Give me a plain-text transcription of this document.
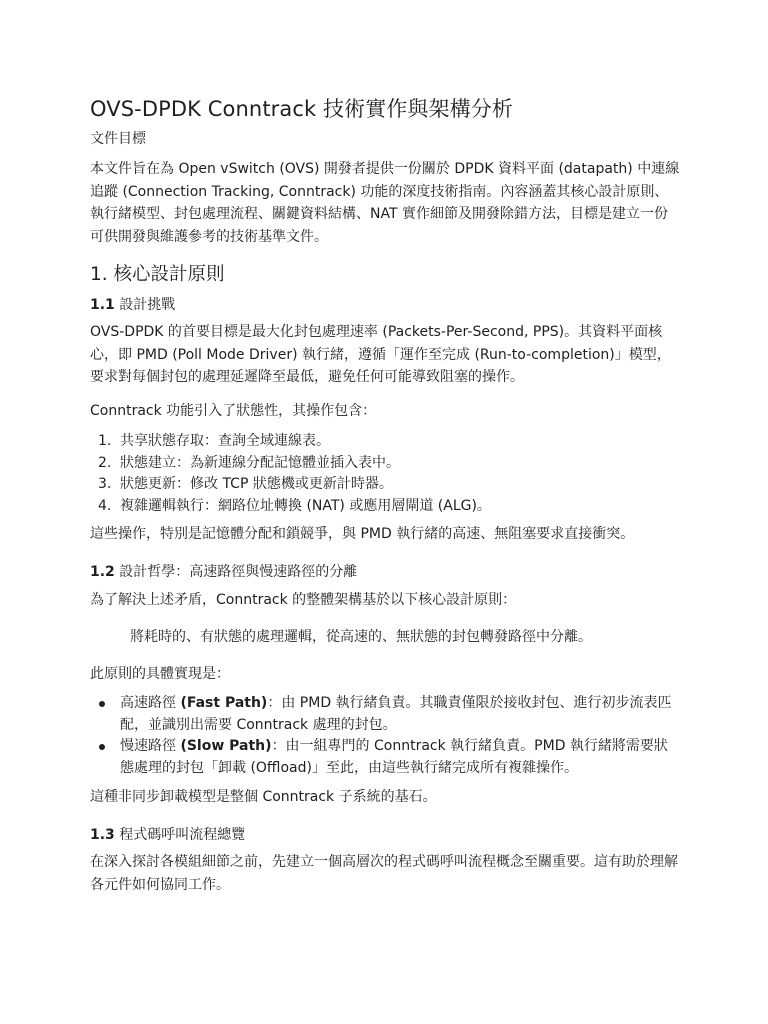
OVS-DPDK Conntrack 技術實作與架構分析

文件目標

本文件旨在為 Open vSwitch (OVS) 開發者提供一份關於 DPDK 資料平面 (datapath) 中連線追蹤 (Connection Tracking, Conntrack) 功能的深度技術指南。內容涵蓋其核心設計原則、執行緒模型、封包處理流程、關鍵資料結構、NAT 實作細節及開發除錯方法，目標是建立一份可供開發與維護參考的技術基準文件。

1. 核心設計原則

1.1 設計挑戰

OVS-DPDK 的首要目標是最大化封包處理速率 (Packets-Per-Second, PPS)。其資料平面核心，即 PMD (Poll Mode Driver) 執行緒，遵循「運作至完成 (Run-to-completion)」模型，要求對每個封包的處理延遲降至最低，避免任何可能導致阻塞的操作。

Conntrack 功能引入了狀態性，其操作包含：

1. 共享狀態存取：查詢全域連線表。
2. 狀態建立：為新連線分配記憶體並插入表中。
3. 狀態更新：修改 TCP 狀態機或更新計時器。
4. 複雜邏輯執行：網路位址轉換 (NAT) 或應用層閘道 (ALG)。

這些操作，特別是記憶體分配和鎖競爭，與 PMD 執行緒的高速、無阻塞要求直接衝突。

1.2 設計哲學：高速路徑與慢速路徑的分離

為了解決上述矛盾，Conntrack 的整體架構基於以下核心設計原則：

將耗時的、有狀態的處理邏輯，從高速的、無狀態的封包轉發路徑中分離。

此原則的具體實現是：

高速路徑 (Fast Path)：由 PMD 執行緒負責。其職責僅限於接收封包、進行初步流表匹配，並識別出需要 Conntrack 處理的封包。
慢速路徑 (Slow Path)：由一組專門的 Conntrack 執行緒負責。PMD 執行緒將需要狀態處理的封包「卸載 (Offload)」至此，由這些執行緒完成所有複雜操作。

這種非同步卸載模型是整個 Conntrack 子系統的基石。

1.3 程式碼呼叫流程總覽

在深入探討各模組細節之前，先建立一個高層次的程式碼呼叫流程概念至關重要。這有助於理解各元件如何協同工作。
